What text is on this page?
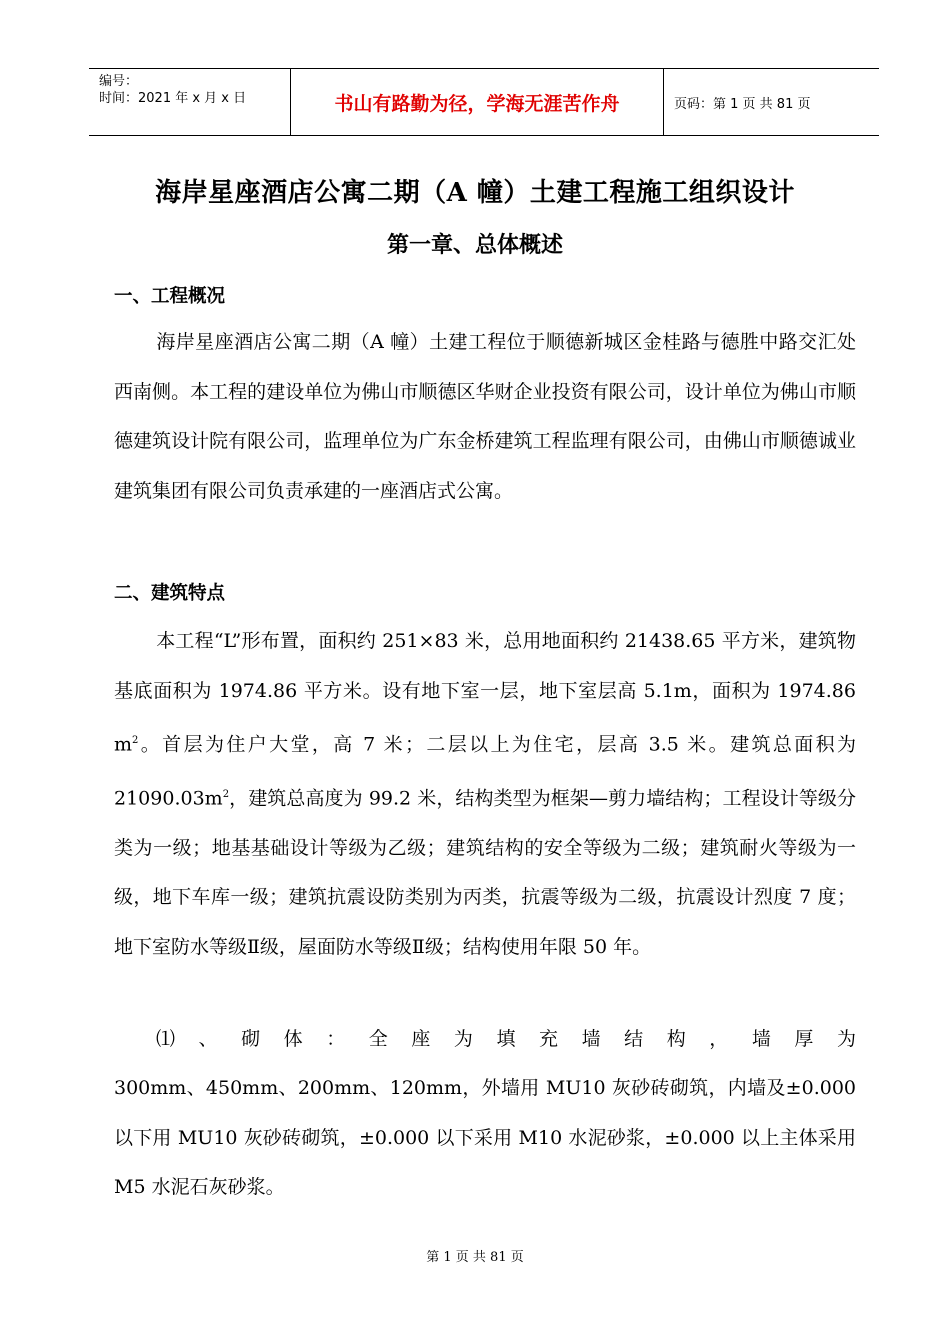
编号：
时间：2021 年 x 月 x 日	书山有路勤为径，学海无涯苦作舟	页码：第 1 页 共 81 页
海岸星座酒店公寓二期（A 幢）土建工程施工组织设计
第一章、总体概述
一、工程概况
海岸星座酒店公寓二期（A 幢）土建工程位于顺德新城区金桂路与德胜中路交汇处西南侧。本工程的建设单位为佛山市顺德区华财企业投资有限公司，设计单位为佛山市顺德建筑设计院有限公司，监理单位为广东金桥建筑工程监理有限公司，由佛山市顺德诚业建筑集团有限公司负责承建的一座酒店式公寓。
二、建筑特点
本工程“L”形布置，面积约 251×83 米，总用地面积约 21438.65 平方米，建筑物基底面积为 1974.86 平方米。设有地下室一层，地下室层高 5.1m，面积为 1974.86 $m^2$。首层为住户大堂，高 7 米；二层以上为住宅，层高 3.5 米。建筑总面积为 $21090.03m^2$，建筑总高度为 99.2 米，结构类型为框架—剪力墙结构；工程设计等级分类为一级；地基基础设计等级为乙级；建筑结构的安全等级为二级；建筑耐火等级为一级，地下车库一级；建筑抗震设防类别为丙类，抗震等级为二级，抗震设计烈度 7 度；地下室防水等级Ⅱ级，屋面防水等级Ⅱ级；结构使用年限 50 年。
⑴ 、 砌 体 ： 全 座 为 填 充 墙 结 构 ， 墙 厚 为
300mm、450mm、200mm、120mm，外墙用 MU10 灰砂砖砌筑，内墙及±0.000 以下用 MU10 灰砂砖砌筑，±0.000 以下采用 M10 水泥砂浆，±0.000 以上主体采用 M5 水泥石灰砂浆。
第 1 页 共 81 页
